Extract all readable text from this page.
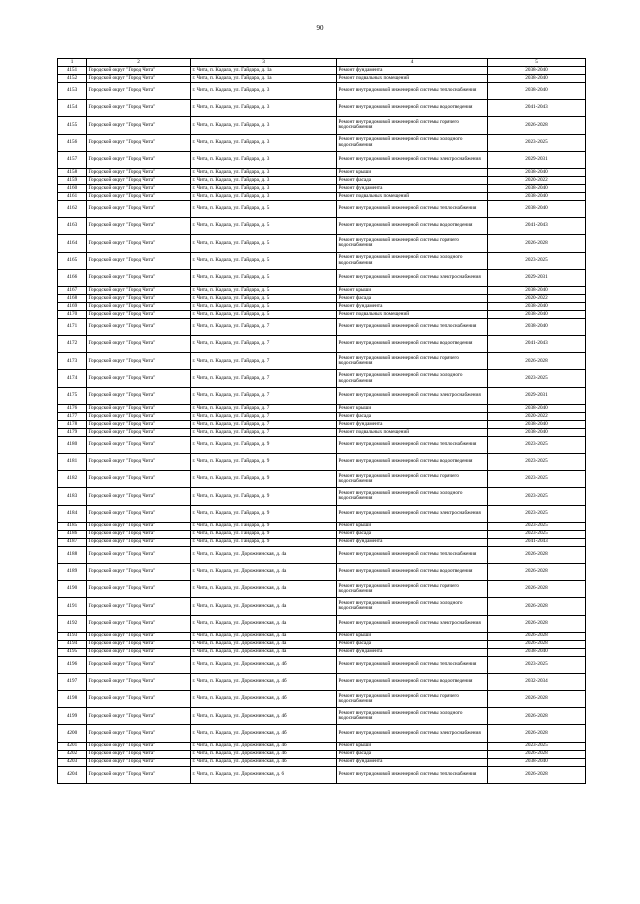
90
1	2	3	4	5
4151	Городской округ "Город Чита"	г. Чита, п. Кадала, ул. Гайдара, д. 1а	Ремонт фундамента	2038-2040
4152	Городской округ "Город Чита"	г. Чита, п. Кадала, ул. Гайдара, д. 1а	Ремонт подвальных помещений	2038-2040
4153	Городской округ "Город Чита"	г. Чита, п. Кадала, ул. Гайдара, д. 3	Ремонт внутридомовой инженерной системы теплоснабжения	2038-2040
4154	Городской округ "Город Чита"	г. Чита, п. Кадала, ул. Гайдара, д. 3	Ремонт внутридомовой инженерной системы водоотведения	2041-2043
4155	Городской округ "Город Чита"	г. Чита, п. Кадала, ул. Гайдара, д. 3	Ремонт внутридомовой инженерной системы горячего водоснабжения	2026-2028
4156	Городской округ "Город Чита"	г. Чита, п. Кадала, ул. Гайдара, д. 3	Ремонт внутридомовой инженерной системы холодного водоснабжения	2023-2025
4157	Городской округ "Город Чита"	г. Чита, п. Кадала, ул. Гайдара, д. 3	Ремонт внутридомовой инженерной системы электроснабжения	2029-2031
4158	Городской округ "Город Чита"	г. Чита, п. Кадала, ул. Гайдара, д. 3	Ремонт крыши	2038-2040
4159	Городской округ "Город Чита"	г. Чита, п. Кадала, ул. Гайдара, д. 3	Ремонт фасада	2020-2022
4160	Городской округ "Город Чита"	г. Чита, п. Кадала, ул. Гайдара, д. 3	Ремонт фундамента	2038-2040
4161	Городской округ "Город Чита"	г. Чита, п. Кадала, ул. Гайдара, д. 3	Ремонт подвальных помещений	2038-2040
4162	Городской округ "Город Чита"	г. Чита, п. Кадала, ул. Гайдара, д. 5	Ремонт внутридомовой инженерной системы теплоснабжения	2038-2040
4163	Городской округ "Город Чита"	г. Чита, п. Кадала, ул. Гайдара, д. 5	Ремонт внутридомовой инженерной системы водоотведения	2041-2043
4164	Городской округ "Город Чита"	г. Чита, п. Кадала, ул. Гайдара, д. 5	Ремонт внутридомовой инженерной системы горячего водоснабжения	2026-2028
4165	Городской округ "Город Чита"	г. Чита, п. Кадала, ул. Гайдара, д. 5	Ремонт внутридомовой инженерной системы холодного водоснабжения	2023-2025
4166	Городской округ "Город Чита"	г. Чита, п. Кадала, ул. Гайдара, д. 5	Ремонт внутридомовой инженерной системы электроснабжения	2029-2031
4167	Городской округ "Город Чита"	г. Чита, п. Кадала, ул. Гайдара, д. 5	Ремонт крыши	2038-2040
4168	Городской округ "Город Чита"	г. Чита, п. Кадала, ул. Гайдара, д. 5	Ремонт фасада	2020-2022
4169	Городской округ "Город Чита"	г. Чита, п. Кадала, ул. Гайдара, д. 5	Ремонт фундамента	2038-2040
4170	Городской округ "Город Чита"	г. Чита, п. Кадала, ул. Гайдара, д. 5	Ремонт подвальных помещений	2038-2040
4171	Городской округ "Город Чита"	г. Чита, п. Кадала, ул. Гайдара, д. 7	Ремонт внутридомовой инженерной системы теплоснабжения	2038-2040
4172	Городской округ "Город Чита"	г. Чита, п. Кадала, ул. Гайдара, д. 7	Ремонт внутридомовой инженерной системы водоотведения	2041-2043
4173	Городской округ "Город Чита"	г. Чита, п. Кадала, ул. Гайдара, д. 7	Ремонт внутридомовой инженерной системы горячего водоснабжения	2026-2028
4174	Городской округ "Город Чита"	г. Чита, п. Кадала, ул. Гайдара, д. 7	Ремонт внутридомовой инженерной системы холодного водоснабжения	2023-2025
4175	Городской округ "Город Чита"	г. Чита, п. Кадала, ул. Гайдара, д. 7	Ремонт внутридомовой инженерной системы электроснабжения	2029-2031
4176	Городской округ "Город Чита"	г. Чита, п. Кадала, ул. Гайдара, д. 7	Ремонт крыши	2038-2040
4177	Городской округ "Город Чита"	г. Чита, п. Кадала, ул. Гайдара, д. 7	Ремонт фасада	2020-2022
4178	Городской округ "Город Чита"	г. Чита, п. Кадала, ул. Гайдара, д. 7	Ремонт фундамента	2038-2040
4179	Городской округ "Город Чита"	г. Чита, п. Кадала, ул. Гайдара, д. 7	Ремонт подвальных помещений	2038-2040
4180	Городской округ "Город Чита"	г. Чита, п. Кадала, ул. Гайдара, д. 9	Ремонт внутридомовой инженерной системы теплоснабжения	2023-2025
4181	Городской округ "Город Чита"	г. Чита, п. Кадала, ул. Гайдара, д. 9	Ремонт внутридомовой инженерной системы водоотведения	2023-2025
4182	Городской округ "Город Чита"	г. Чита, п. Кадала, ул. Гайдара, д. 9	Ремонт внутридомовой инженерной системы горячего водоснабжения	2023-2025
4183	Городской округ "Город Чита"	г. Чита, п. Кадала, ул. Гайдара, д. 9	Ремонт внутридомовой инженерной системы холодного водоснабжения	2023-2025
4184	Городской округ "Город Чита"	г. Чита, п. Кадала, ул. Гайдара, д. 9	Ремонт внутридомовой инженерной системы электроснабжения	2023-2025
4185	Городской округ "Город Чита"	г. Чита, п. Кадала, ул. Гайдара, д. 9	Ремонт крыши	2023-2025
4186	Городской округ "Город Чита"	г. Чита, п. Кадала, ул. Гайдара, д. 9	Ремонт фасада	2023-2025
4187	Городской округ "Город Чита"	г. Чита, п. Кадала, ул. Гайдара, д. 9	Ремонт фундамента	2041-2043
4188	Городской округ "Город Чита"	г. Чита, п. Кадала, ул. Дорожнинская, д. 4а	Ремонт внутридомовой инженерной системы теплоснабжения	2026-2028
4189	Городской округ "Город Чита"	г. Чита, п. Кадала, ул. Дорожнинская, д. 4а	Ремонт внутридомовой инженерной системы водоотведения	2026-2028
4190	Городской округ "Город Чита"	г. Чита, п. Кадала, ул. Дорожнинская, д. 4а	Ремонт внутридомовой инженерной системы горячего водоснабжения	2026-2028
4191	Городской округ "Город Чита"	г. Чита, п. Кадала, ул. Дорожнинская, д. 4а	Ремонт внутридомовой инженерной системы холодного водоснабжения	2026-2028
4192	Городской округ "Город Чита"	г. Чита, п. Кадала, ул. Дорожнинская, д. 4а	Ремонт внутридомовой инженерной системы электроснабжения	2026-2028
4193	Городской округ "Город Чита"	г. Чита, п. Кадала, ул. Дорожнинская, д. 4а	Ремонт крыши	2026-2028
4194	Городской округ "Город Чита"	г. Чита, п. Кадала, ул. Дорожнинская, д. 4а	Ремонт фасада	2026-2028
4195	Городской округ "Город Чита"	г. Чита, п. Кадала, ул. Дорожнинская, д. 4а	Ремонт фундамента	2038-2040
4196	Городской округ "Город Чита"	г. Чита, п. Кадала, ул. Дорожнинская, д. 4б	Ремонт внутридомовой инженерной системы теплоснабжения	2023-2025
4197	Городской округ "Город Чита"	г. Чита, п. Кадала, ул. Дорожнинская, д. 4б	Ремонт внутридомовой инженерной системы водоотведения	2032-2034
4198	Городской округ "Город Чита"	г. Чита, п. Кадала, ул. Дорожнинская, д. 4б	Ремонт внутридомовой инженерной системы горячего водоснабжения	2026-2028
4199	Городской округ "Город Чита"	г. Чита, п. Кадала, ул. Дорожнинская, д. 4б	Ремонт внутридомовой инженерной системы холодного водоснабжения	2026-2028
4200	Городской округ "Город Чита"	г. Чита, п. Кадала, ул. Дорожнинская, д. 4б	Ремонт внутридомовой инженерной системы электроснабжения	2026-2028
4201	Городской округ "Город Чита"	г. Чита, п. Кадала, ул. Дорожнинская, д. 4б	Ремонт крыши	2023-2025
4202	Городской округ "Город Чита"	г. Чита, п. Кадала, ул. Дорожнинская, д. 4б	Ремонт фасада	2026-2028
4203	Городской округ "Город Чита"	г. Чита, п. Кадала, ул. Дорожнинская, д. 4б	Ремонт фундамента	2038-2040
4204	Городской округ "Город Чита"	г. Чита, п. Кадала, ул. Дорожнинская, д. 6	Ремонт внутридомовой инженерной системы теплоснабжения	2026-2028
